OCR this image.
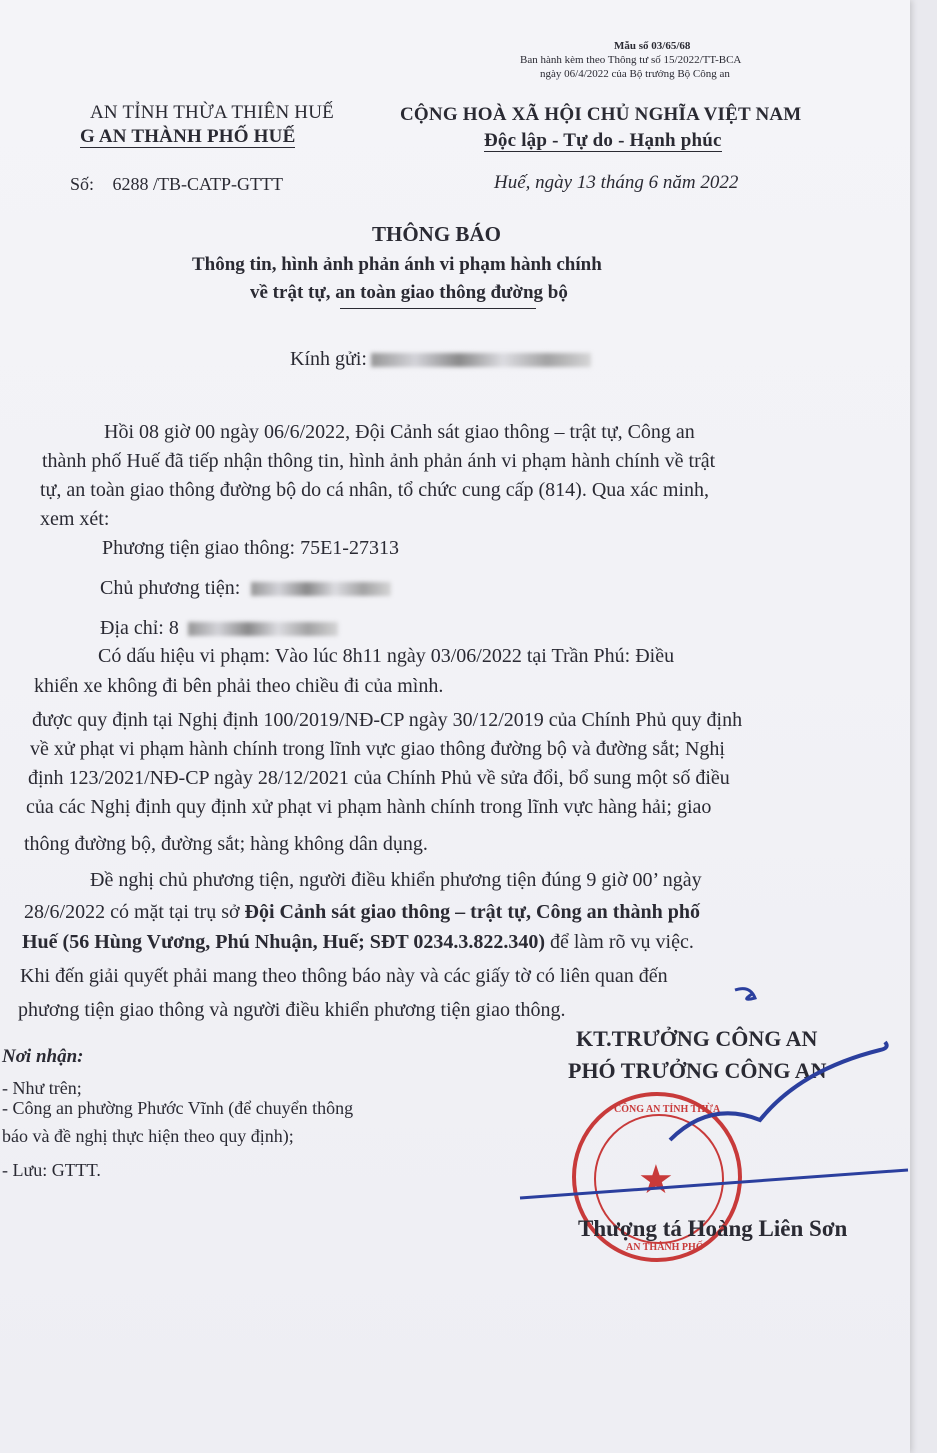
Mẫu số 03/65/68
Ban hành kèm theo Thông tư số 15/2022/TT-BCA
ngày 06/4/2022 của Bộ trưởng Bộ Công an
AN TỈNH THỪA THIÊN HUẾ
G AN THÀNH PHỐ HUẾ
CỘNG HOÀ XÃ HỘI CHỦ NGHĨA VIỆT NAM
Độc lập - Tự do - Hạnh phúc
Số: 6288 /TB-CATP-GTTT	Huế, ngày 13 tháng 6 năm 2022
THÔNG BÁO
Thông tin, hình ảnh phản ánh vi phạm hành chính
về trật tự, an toàn giao thông đường bộ
Kính gửi:
Hồi 08 giờ 00 ngày 06/6/2022, Đội Cảnh sát giao thông – trật tự, Công an
thành phố Huế đã tiếp nhận thông tin, hình ảnh phản ánh vi phạm hành chính về trật
tự, an toàn giao thông đường bộ do cá nhân, tổ chức cung cấp (814). Qua xác minh,
xem xét:
Phương tiện giao thông: 75E1-27313
Chủ phương tiện:
Địa chỉ: 8
Có dấu hiệu vi phạm: Vào lúc 8h11 ngày 03/06/2022 tại Trần Phú: Điều
khiển xe không đi bên phải theo chiều đi của mình.
được quy định tại Nghị định 100/2019/NĐ-CP ngày 30/12/2019 của Chính Phủ quy định
về xử phạt vi phạm hành chính trong lĩnh vực giao thông đường bộ và đường sắt; Nghị
định 123/2021/NĐ-CP ngày 28/12/2021 của Chính Phủ về sửa đổi, bổ sung một số điều
của các Nghị định quy định xử phạt vi phạm hành chính trong lĩnh vực hàng hải; giao
thông đường bộ, đường sắt; hàng không dân dụng.
Đề nghị chủ phương tiện, người điều khiển phương tiện đúng 9 giờ 00’ ngày
28/6/2022 có mặt tại trụ sở Đội Cảnh sát giao thông – trật tự, Công an thành phố
Huế (56 Hùng Vương, Phú Nhuận, Huế; SĐT 0234.3.822.340) để làm rõ vụ việc.
Khi đến giải quyết phải mang theo thông báo này và các giấy tờ có liên quan đến
phương tiện giao thông và người điều khiển phương tiện giao thông.
Nơi nhận:
- Như trên;
- Công an phường Phước Vĩnh (để chuyển thông
báo và đề nghị thực hiện theo quy định);
- Lưu: GTTT.
KT.TRƯỞNG CÔNG AN
PHÓ TRƯỞNG CÔNG AN
★
CÔNG AN TỈNH THỪA
AN THÀNH PHỐ
Thượng tá Hoàng Liên Sơn
